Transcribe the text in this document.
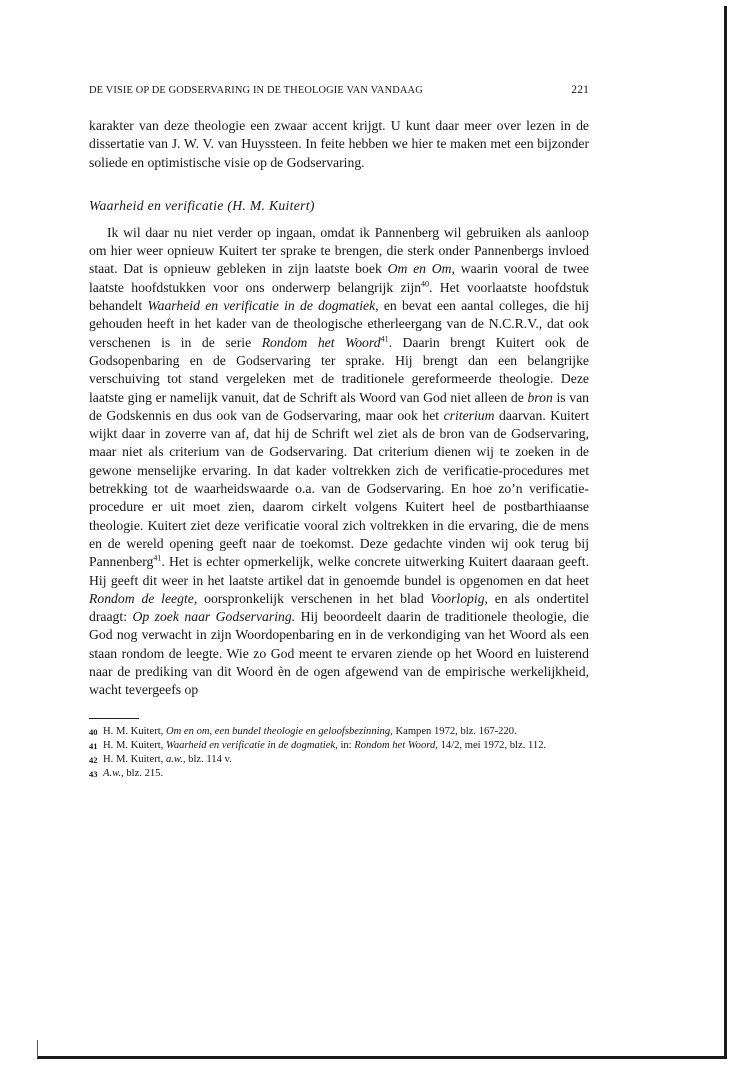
DE VISIE OP DE GODSERVARING IN DE THEOLOGIE VAN VANDAAG	221

karakter van deze theologie een zwaar accent krijgt. U kunt daar meer over lezen in de dissertatie van J. W. V. van Huyssteen. In feite hebben we hier te maken met een bijzonder soliede en optimistische visie op de Godservaring.

Waarheid en verificatie (H. M. Kuitert)

Ik wil daar nu niet verder op ingaan, omdat ik Pannenberg wil gebruiken als aanloop om hier weer opnieuw Kuitert ter sprake te brengen, die sterk onder Pannenbergs invloed staat. Dat is opnieuw gebleken in zijn laatste boek Om en Om, waarin vooral de twee laatste hoofdstukken voor ons onderwerp belangrijk zijn$^{40}$. Het voorlaatste hoofdstuk behandelt Waarheid en verificatie in de dogmatiek, en bevat een aantal colleges, die hij gehouden heeft in het kader van de theologische etherleergang van de N.C.R.V., dat ook verschenen is in de serie Rondom het Woord$^{41}$. Daarin brengt Kuitert ook de Godsopenbaring en de Godservaring ter sprake. Hij brengt dan een belangrijke verschuiving tot stand vergeleken met de traditionele gereformeerde theologie. Deze laatste ging er namelijk vanuit, dat de Schrift als Woord van God niet alleen de bron is van de Godskennis en dus ook van de Godservaring, maar ook het criterium daarvan. Kuitert wijkt daar in zoverre van af, dat hij de Schrift wel ziet als de bron van de Godservaring, maar niet als criterium van de Godservaring. Dat criterium dienen wij te zoeken in de gewone menselijke ervaring. In dat kader voltrekken zich de verificatie-procedures met betrekking tot de waarheidswaarde o.a. van de Godservaring. En hoe zo’n verificatie-procedure er uit moet zien, daarom cirkelt volgens Kuitert heel de postbarthiaanse theologie. Kuitert ziet deze verificatie vooral zich voltrekken in die ervaring, die de mens en de wereld opening geeft naar de toekomst. Deze gedachte vinden wij ook terug bij Pannenberg$^{41}$. Het is echter opmerkelijk, welke concrete uitwerking Kuitert daaraan geeft. Hij geeft dit weer in het laatste artikel dat in genoemde bundel is opgenomen en dat heet Rondom de leegte, oorspronkelijk verschenen in het blad Voorlopig, en als ondertitel draagt: Op zoek naar Godservaring. Hij beoordeelt daarin de traditionele theologie, die God nog verwacht in zijn Woordopenbaring en in de verkondiging van het Woord als een staan rondom de leegte. Wie zo God meent te ervaren ziende op het Woord en luisterend naar de prediking van dit Woord èn de ogen afgewend van de empirische werkelijkheid, wacht tevergeefs op

40 H. M. Kuitert, Om en om, een bundel theologie en geloofsbezinning, Kampen 1972, blz. 167-220.
41 H. M. Kuitert, Waarheid en verificatie in de dogmatiek, in: Rondom het Woord, 14/2, mei 1972, blz. 112.
42 H. M. Kuitert, a.w., blz. 114 v.
43 A.w., blz. 215.
